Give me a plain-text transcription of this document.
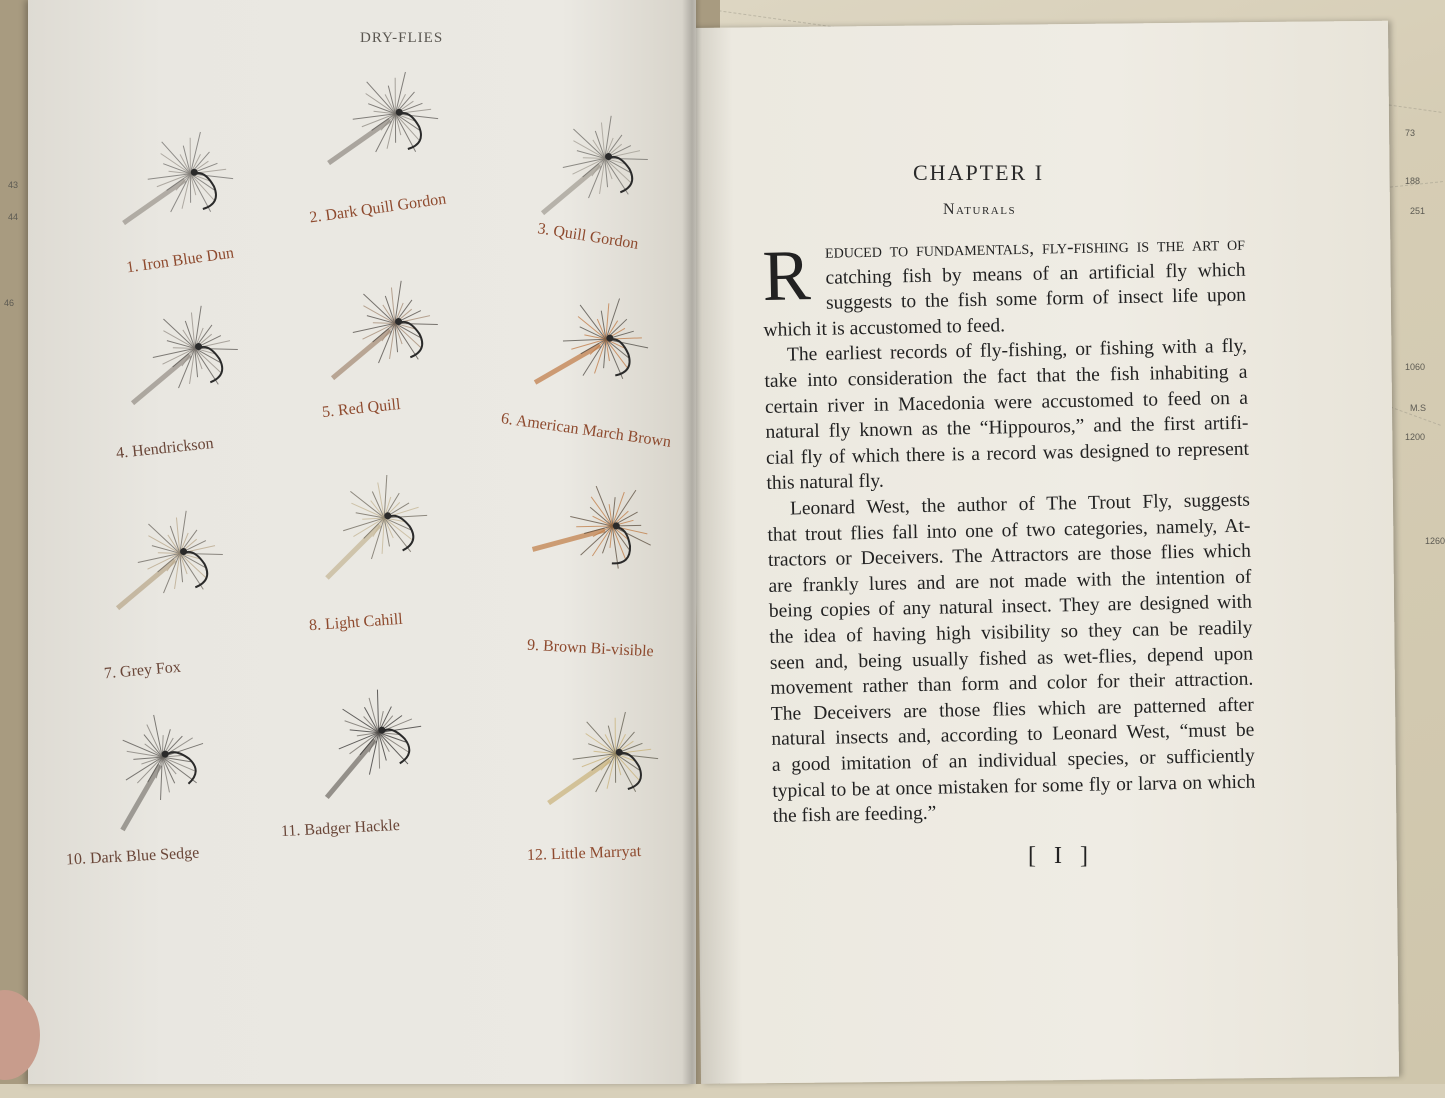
43
44
46
73
188
251
1060
M.S
1200
1260
DRY-FLIES
1. Iron Blue Dun
2. Dark Quill Gordon
3. Quill Gordon
4. Hendrickson
5. Red Quill
6. American March Brown
7. Grey Fox
8. Light Cahill
9. Brown Bi-visible
10. Dark Blue Sedge
11. Badger Hackle
12. Little Marryat
CHAPTER I
Naturals
R educed to fundamentals, fly-fishing is the art of
catching fish by means of an artificial fly which
suggests to the fish some form of insect life upon
which it is accustomed to feed.
The earliest records of fly-fishing, or fishing with a fly,
take into consideration the fact that the fish inhabiting a
certain river in Macedonia were accustomed to feed on a
natural fly known as the “Hippouros,” and the first artifi-
cial fly of which there is a record was designed to represent
this natural fly.
Leonard West, the author of The Trout Fly, suggests
that trout flies fall into one of two categories, namely, At-
tractors or Deceivers. The Attractors are those flies which
are frankly lures and are not made with the intention of
being copies of any natural insect. They are designed with
the idea of having high visibility so they can be readily
seen and, being usually fished as wet-flies, depend upon
movement rather than form and color for their attraction.
The Deceivers are those flies which are patterned after
natural insects and, according to Leonard West, “must be
a good imitation of an individual species, or sufficiently
typical to be at once mistaken for some fly or larva on which
the fish are feeding.”
[ I ]
